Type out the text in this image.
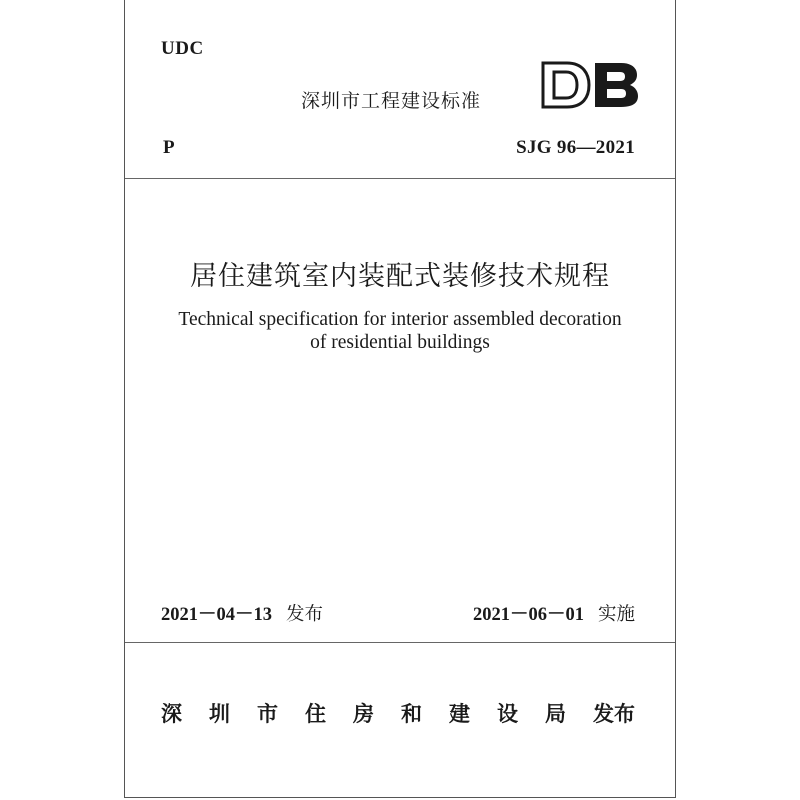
UDC
深圳市工程建设标准
P	SJG 96—2021
居住建筑室内装配式装修技术规程
Technical specification for interior assembled decoration
of residential buildings
2021－04－13 发布	2021－06－01 实施
深 圳 市 住 房 和 建 设 局 发布
